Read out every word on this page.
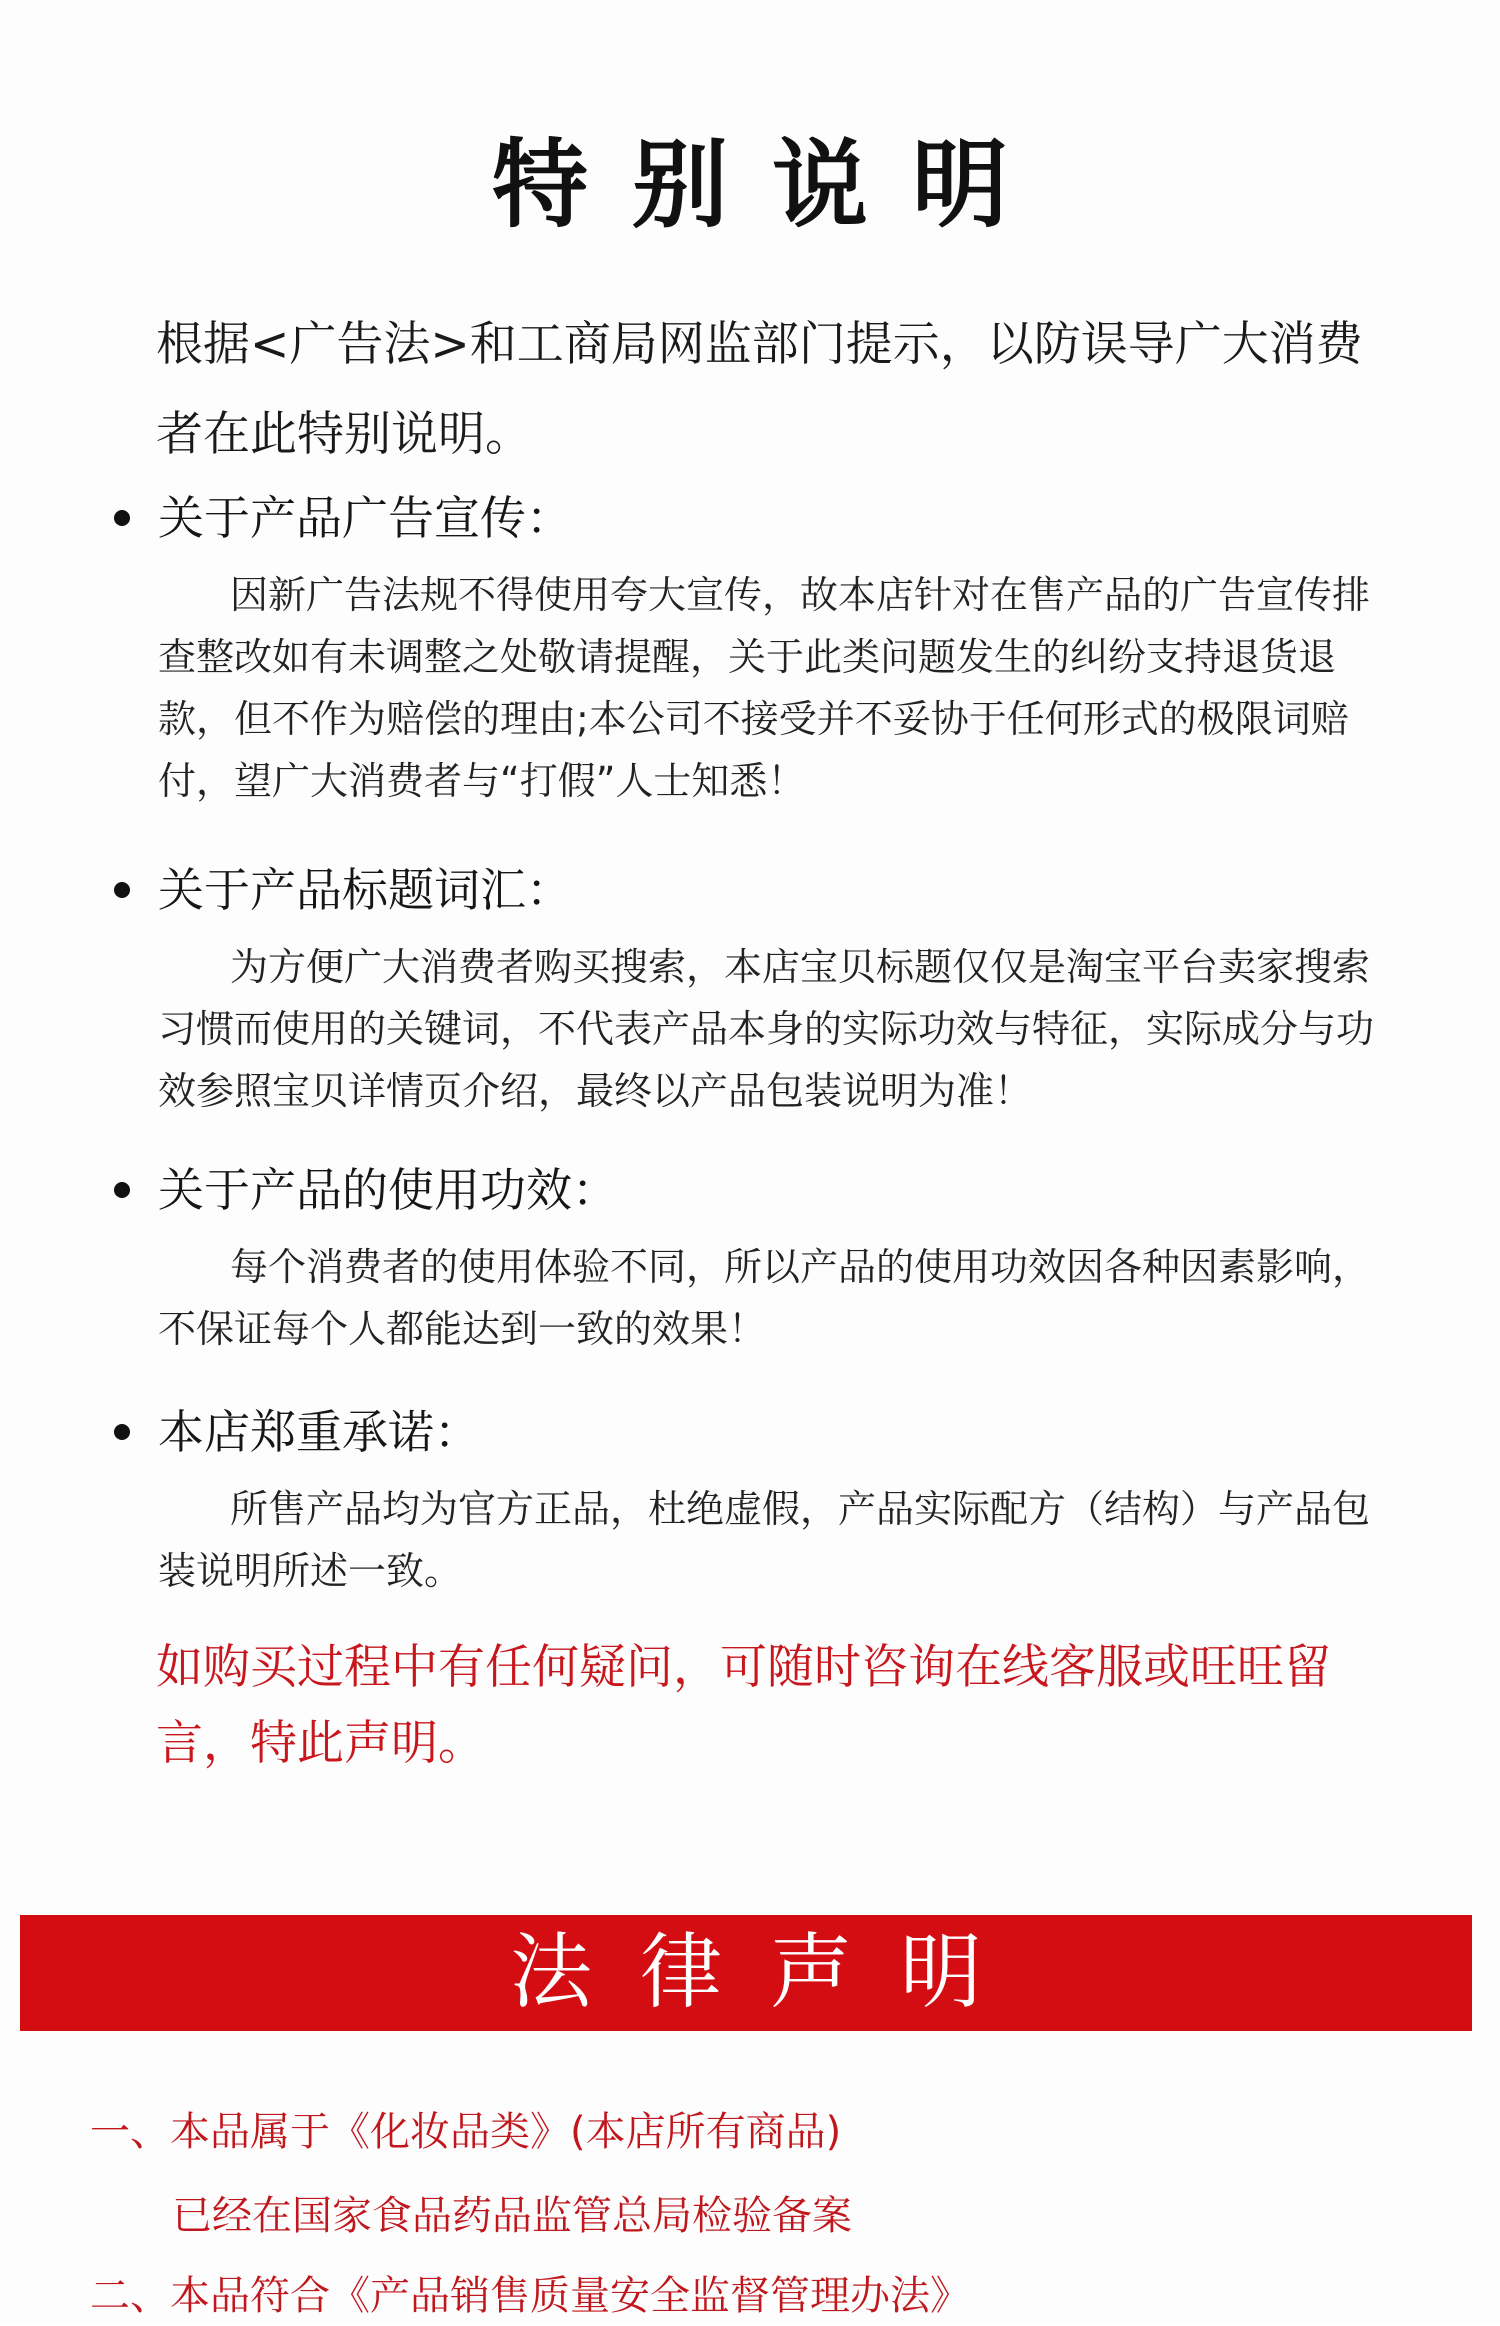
特别说明
根据<广告法>和工商局网监部门提示，以防误导广大消费者在此特别说明。
关于产品广告宣传：
因新广告法规不得使用夸大宣传，故本店针对在售产品的广告宣传排查整改如有未调整之处敬请提醒，关于此类问题发生的纠纷支持退货退款，但不作为赔偿的理由;本公司不接受并不妥协于任何形式的极限词赔付，望广大消费者与“打假”人士知悉！
关于产品标题词汇：
为方便广大消费者购买搜索，本店宝贝标题仅仅是淘宝平台卖家搜索习惯而使用的关键词，不代表产品本身的实际功效与特征，实际成分与功效参照宝贝详情页介绍，最终以产品包装说明为准！
关于产品的使用功效：
每个消费者的使用体验不同，所以产品的使用功效因各种因素影响，不保证每个人都能达到一致的效果！
本店郑重承诺：
所售产品均为官方正品，杜绝虚假，产品实际配方（结构）与产品包装说明所述一致。
如购买过程中有任何疑问，可随时咨询在线客服或旺旺留言，特此声明。
法律声明
一、本品属于《化妆品类》(本店所有商品)
已经在国家食品药品监管总局检验备案
二、本品符合《产品销售质量安全监督管理办法》
